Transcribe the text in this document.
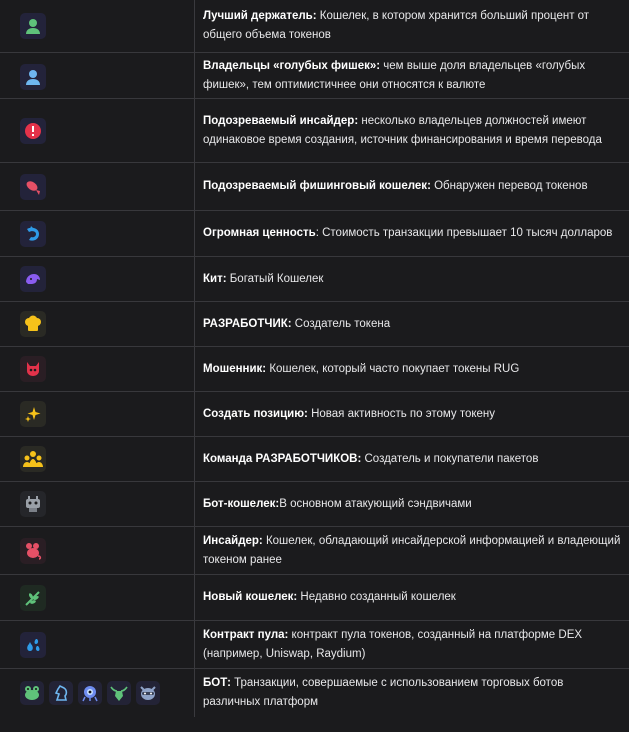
Лучший держатель: Кошелек, в котором хранится больший процент от общего объема токенов
Владельцы «голубых фишек»: чем выше доля владельцев «голубых фишек», тем оптимистичнее они относятся к валюте
Подозреваемый инсайдер: несколько владельцев должностей имеют одинаковое время создания, источник финансирования и время перевода
Подозреваемый фишинговый кошелек: Обнаружен перевод токенов
Огромная ценность: Стоимость транзакции превышает 10 тысяч долларов
Кит: Богатый Кошелек
РАЗРАБОТЧИК: Создатель токена
Мошенник: Кошелек, который часто покупает токены RUG
Создать позицию: Новая активность по этому токену
Команда РАЗРАБОТЧИКОВ: Создатель и покупатели пакетов
Бот-кошелек:В основном атакующий сэндвичами
Инсайдер: Кошелек, обладающий инсайдерской информацией и владеющий токеном ранее
Новый кошелек: Недавно созданный кошелек
Контракт пула: контракт пула токенов, созданный на платформе DEX (например, Uniswap, Raydium)
БОТ: Транзакции, совершаемые с использованием торговых ботов различных платформ
